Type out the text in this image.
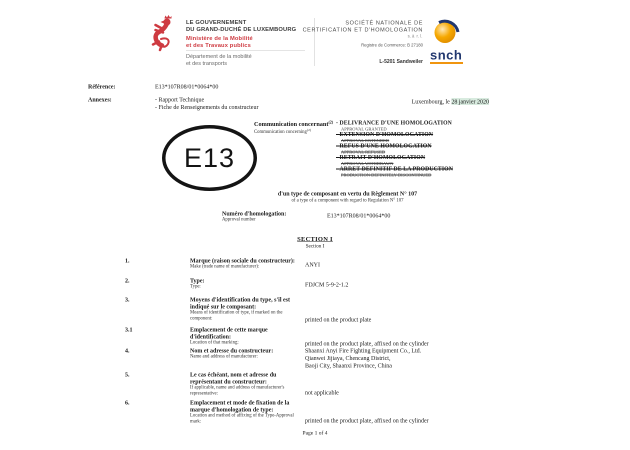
LE GOUVERNEMENT
DU GRAND-DUCHÉ DE LUXEMBOURG
Ministère de la Mobilité
et des Travaux publics
Département de la mobilité
et des transports
SOCIÉTÉ NATIONALE DE
CERTIFICATION ET D'HOMOLOGATION
s.à r.l.
Registre de Commerce: B 27180
L-5201 Sandweiler snch
Référence:	E13*107R08/01*0064*00
Annexes:	- Rapport Technique
- Fiche de Renseignements du constructeur
Luxembourg, le 28 janvier 2020
E13
Communication concernant$^{(2)}$
Communication concerning$^{(2)}$
- DELIVRANCE D'UNE HOMOLOGATION
APPROVAL GRANTED
- EXTENSION D'HOMOLOGATION
APPROVAL EXTENDED
- REFUS D'UNE HOMOLOGATION
APPROVAL REFUSED
- RETRAIT D'HOMOLOGATION
APPROVAL WITHDRAWN
- ARRET DEFINITIF DE LA PRODUCTION
PRODUCTION DEFINITELY DISCONTINUED
d'un type de composant en vertu du Règlement N° 107
of a type of a component with regard to Regulation N° 107
Numéro d'homologation:
Approval number
E13*107R08/01*0064*00
SECTION I
Section I
1.	Marque (raison sociale du constructeur):
Make (trade name of manufacturer):	ANYI
2.	Type:
Type:	FDJCM 5-9-2-1.2
3.	Moyens d'identification du type, s'il est
indiqué sur le composant:
Means of identification of type, if marked on the
component:	printed on the product plate
3.1	Emplacement de cette marque
d'identification:
Location of that marking:	printed on the product plate, affixed on the cylinder
4.	Nom et adresse du constructeur:
Name and address of manufacturer:
Shaanxi Anyi Fire Fighting Equipment Co., Ltd.
Qianwei Jijiaya, Chencang District,
Baoji City, Shaanxi Province, China
5.	Le cas échéant, nom et adresse du
représentant du constructeur:
If applicable, name and address of manufacturer's
representative:	not applicable
6.	Emplacement et mode de fixation de la
marque d'homologation de type:
Location and method of affixing of the Type-Approval
mark:	printed on the product plate, affixed on the cylinder
Page 1 of 4
